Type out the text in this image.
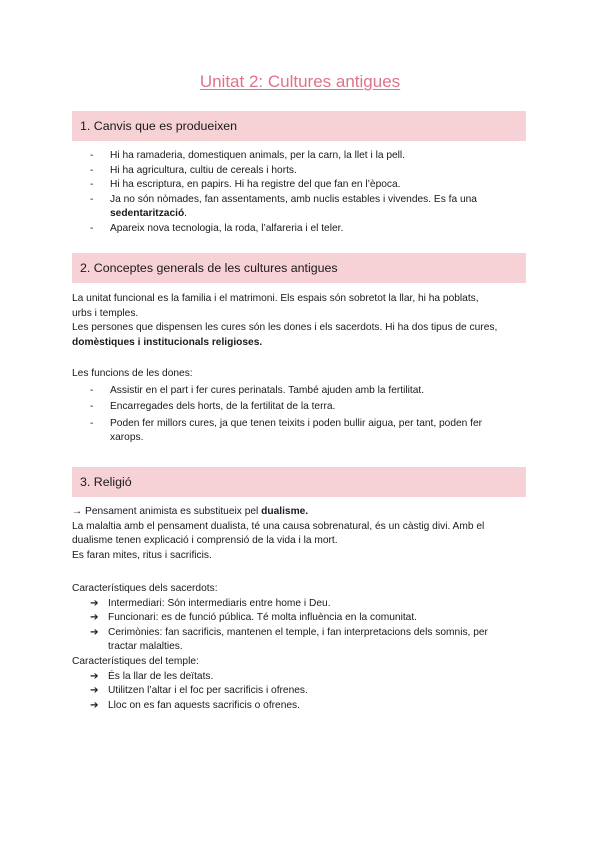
Unitat 2: Cultures antigues
1. Canvis que es produeixen
- Hi ha ramaderia, domestiquen animals, per la carn, la llet i la pell.
- Hi ha agricultura, cultiu de cereals i horts.
- Hi ha escriptura, en papirs. Hi ha registre del que fan en l’època.
- Ja no són nòmades, fan assentaments, amb nuclis estables i vivendes. Es fa una
sedentarització.
- Apareix nova tecnologia, la roda, l’alfareria i el teler.
2. Conceptes generals de les cultures antigues

La unitat funcional es la familia i el matrimoni. Els espais són sobretot la llar, hi ha poblats,

urbs i temples.

Les persones que dispensen les cures són les dones i els sacerdots. Hi ha dos tipus de cures,

domèstiques i institucionals religioses.

Les funcions de les dones:

- Assistir en el part i fer cures perinatals. També ajuden amb la fertilitat.
- Encarregades dels horts, de la fertilitat de la terra.
- Poden fer millors cures, ja que tenen teixits i poden bullir aigua, per tant, poden fer
xarops.
3. Religió

→ Pensament animista es substitueix pel dualisme.

La malaltia amb el pensament dualista, té una causa sobrenatural, és un càstig divi. Amb el

dualisme tenen explicació i comprensió de la vida i la mort.

Es faran mites, ritus i sacrificis.

Característiques dels sacerdots:

➔ Intermediari: Són intermediaris entre home i Deu.
➔ Funcionari: es de funció pública. Té molta influència en la comunitat.
➔ Cerimònies: fan sacrificis, mantenen el temple, i fan interpretacions dels somnis, per
tractar malalties.

Característiques del temple:

➔ És la llar de les deïtats.
➔ Utilitzen l’altar i el foc per sacrificis i ofrenes.
➔ Lloc on es fan aquests sacrificis o ofrenes.
